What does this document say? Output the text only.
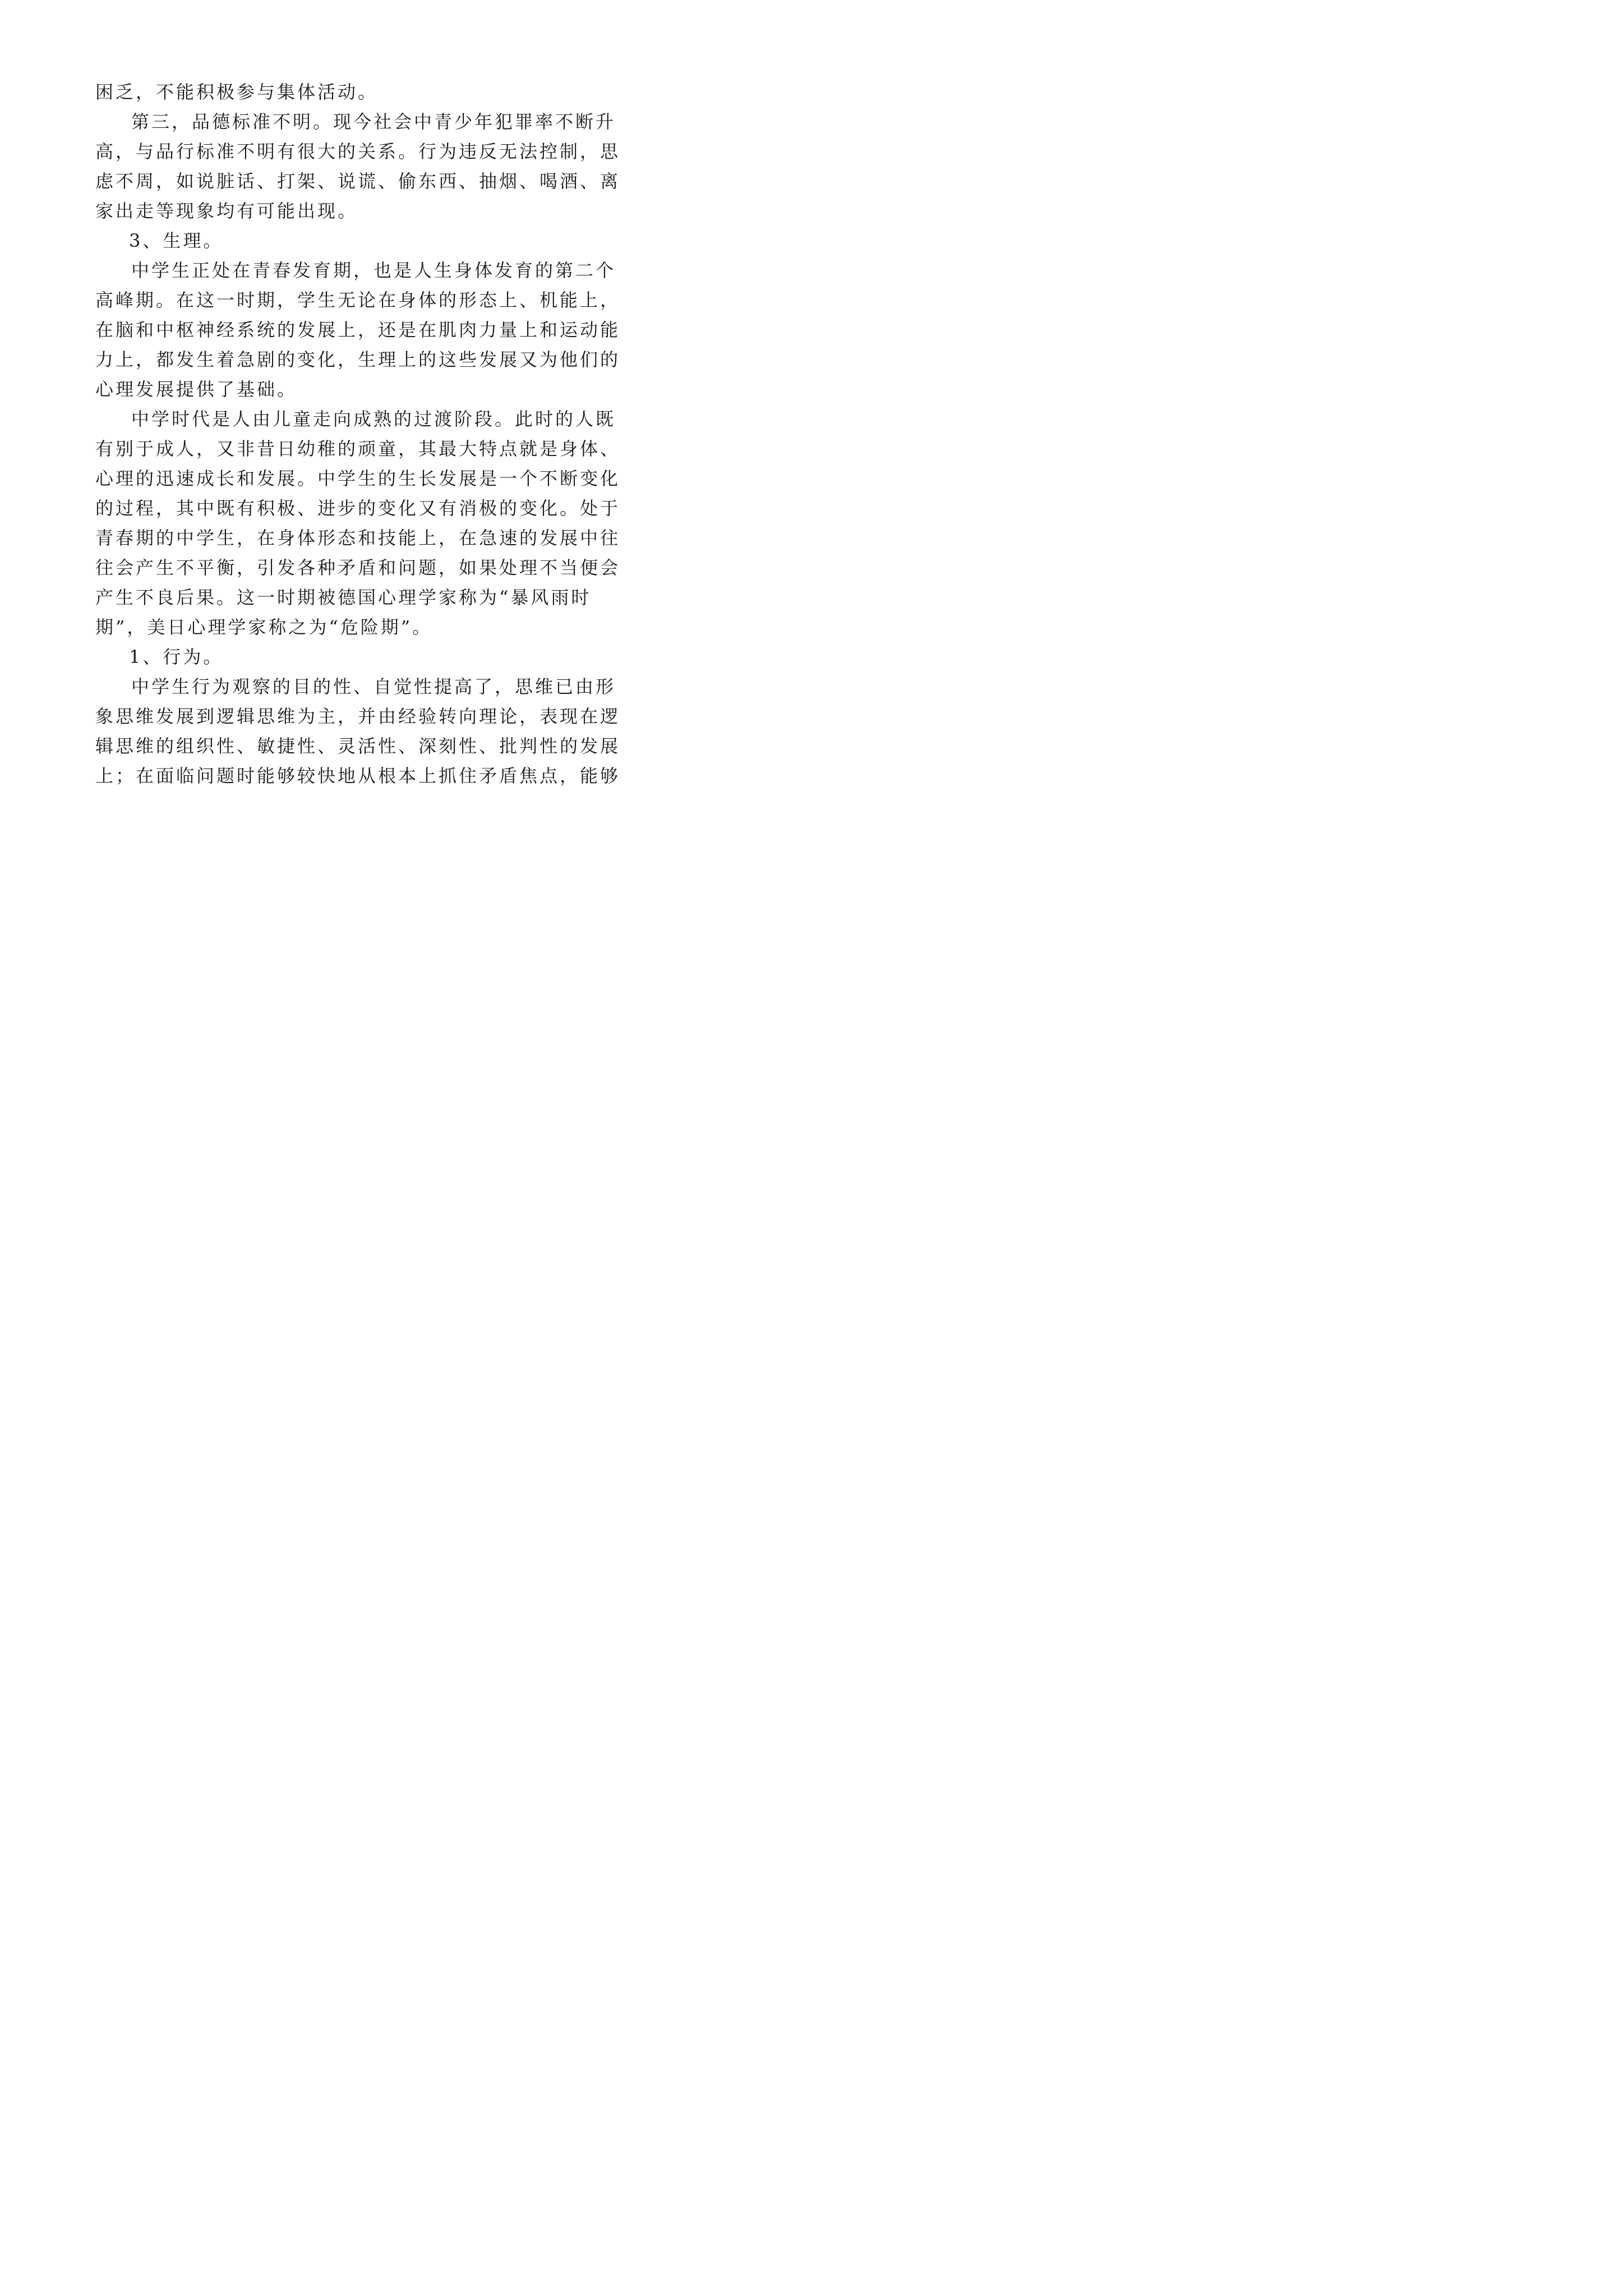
困乏，不能积极参与集体活动。
第三，品德标准不明。现今社会中青少年犯罪率不断升
高，与品行标准不明有很大的关系。行为违反无法控制，思
虑不周，如说脏话、打架、说谎、偷东西、抽烟、喝酒、离
家出走等现象均有可能出现。
3、生理。
中学生正处在青春发育期，也是人生身体发育的第二个
高峰期。在这一时期，学生无论在身体的形态上、机能上，
在脑和中枢神经系统的发展上，还是在肌肉力量上和运动能
力上，都发生着急剧的变化，生理上的这些发展又为他们的
心理发展提供了基础。
中学时代是人由儿童走向成熟的过渡阶段。此时的人既
有别于成人，又非昔日幼稚的顽童，其最大特点就是身体、
心理的迅速成长和发展。中学生的生长发展是一个不断变化
的过程，其中既有积极、进步的变化又有消极的变化。处于
青春期的中学生，在身体形态和技能上，在急速的发展中往
往会产生不平衡，引发各种矛盾和问题，如果处理不当便会
产生不良后果。这一时期被德国心理学家称为“暴风雨时
期”，美日心理学家称之为“危险期”。
1、行为。
中学生行为观察的目的性、自觉性提高了，思维已由形
象思维发展到逻辑思维为主，并由经验转向理论，表现在逻
辑思维的组织性、敏捷性、灵活性、深刻性、批判性的发展
上；在面临问题时能够较快地从根本上抓住矛盾焦点，能够
